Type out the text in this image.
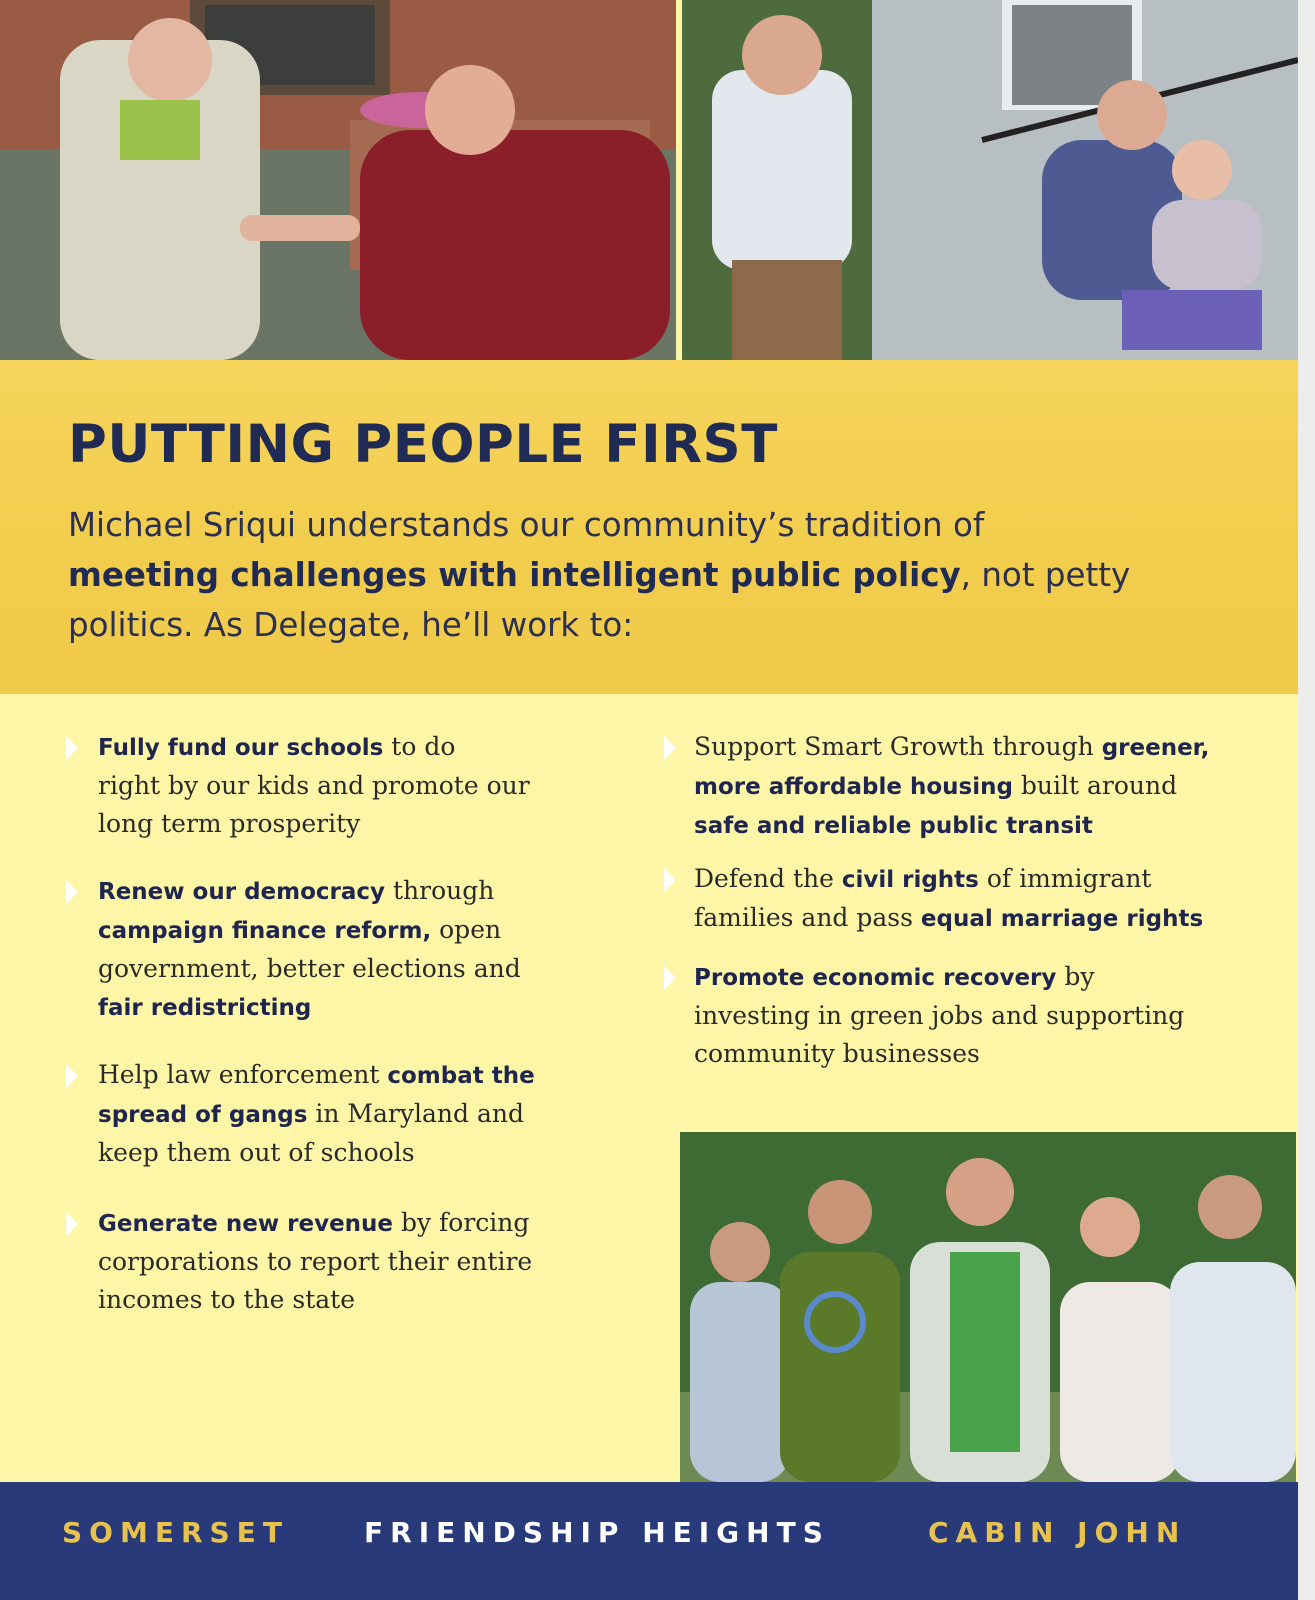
PUTTING PEOPLE FIRST
Michael Sriqui understands our community’s tradition of
meeting challenges with intelligent public policy, not petty
politics. As Delegate, he’ll work to:
Fully fund our schools to do
right by our kids and promote our
long term prosperity
Renew our democracy through
campaign finance reform, open
government, better elections and
fair redistricting
Help law enforcement combat the
spread of gangs in Maryland and
keep them out of schools
Generate new revenue by forcing
corporations to report their entire
incomes to the state
Support Smart Growth through greener,
more affordable housing built around
safe and reliable public transit
Defend the civil rights of immigrant
families and pass equal marriage rights
Promote economic recovery by
investing in green jobs and supporting
community businesses
SOMERSET	FRIENDSHIP HEIGHTS	CABIN JOHN
